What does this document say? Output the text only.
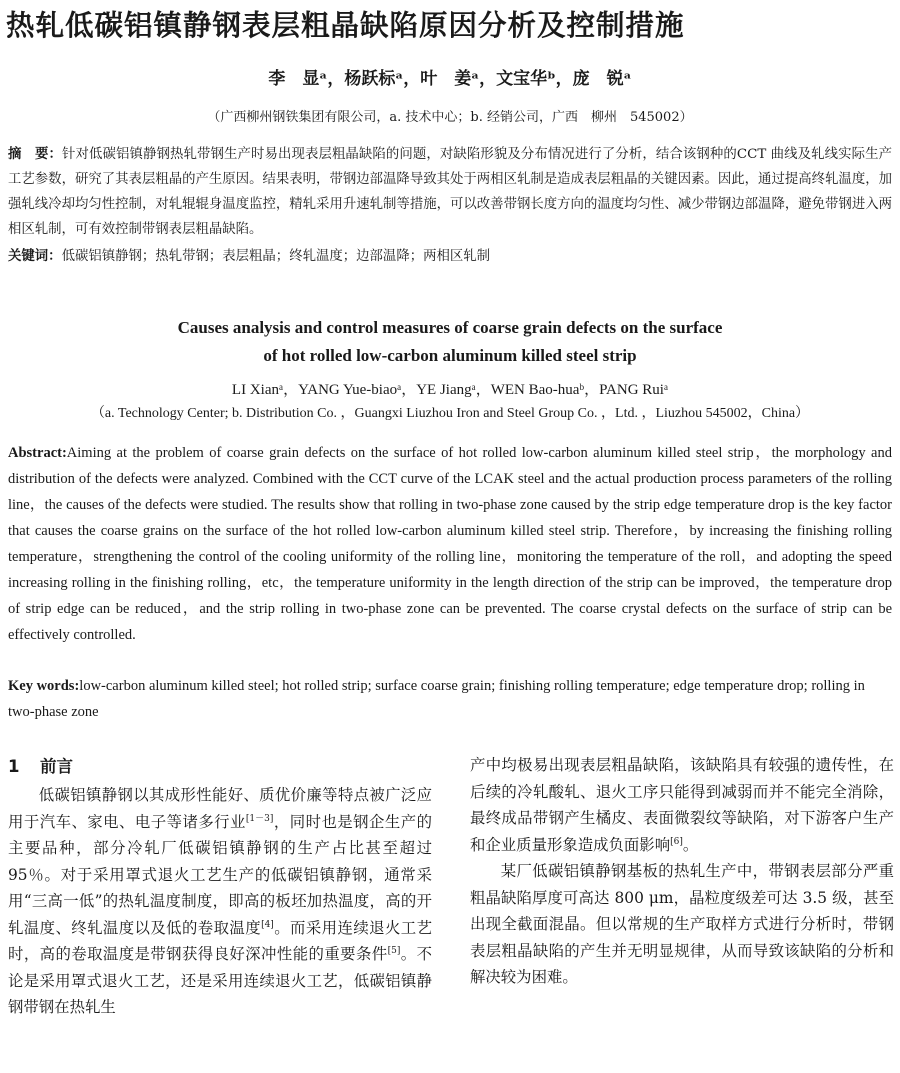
热轧低碳铝镇静钢表层粗晶缺陷原因分析及控制措施
李　显ᵃ，杨跃标ᵃ，叶　姜ᵃ，文宝华ᵇ，庞　锐ᵃ
（广西柳州钢铁集团有限公司，a. 技术中心；b. 经销公司，广西　柳州　545002）
摘　要：针对低碳铝镇静钢热轧带钢生产时易出现表层粗晶缺陷的问题，对缺陷形貌及分布情况进行了分析，结合该钢种的CCT 曲线及轧线实际生产工艺参数，研究了其表层粗晶的产生原因。结果表明，带钢边部温降导致其处于两相区轧制是造成表层粗晶的关键因素。因此，通过提高终轧温度，加强轧线冷却均匀性控制，对轧辊辊身温度监控，精轧采用升速轧制等措施，可以改善带钢长度方向的温度均匀性、减少带钢边部温降，避免带钢进入两相区轧制，可有效控制带钢表层粗晶缺陷。
关键词：低碳铝镇静钢；热轧带钢；表层粗晶；终轧温度；边部温降；两相区轧制
Causes analysis and control measures of coarse grain defects on the surface
of hot rolled low-carbon aluminum killed steel strip
LI Xianᵃ，YANG Yue-biaoᵃ，YE Jiangᵃ，WEN Bao-huaᵇ，PANG Ruiᵃ
（a. Technology Center; b. Distribution Co. ，Guangxi Liuzhou Iron and Steel Group Co. ，Ltd. ，Liuzhou 545002，China）
Abstract:Aiming at the problem of coarse grain defects on the surface of hot rolled low-carbon aluminum killed steel strip，the morphology and distribution of the defects were analyzed. Combined with the CCT curve of the LCAK steel and the actual production process parameters of the rolling line，the causes of the defects were studied. The results show that rolling in two-phase zone caused by the strip edge temperature drop is the key factor that causes the coarse grains on the surface of the hot rolled low-carbon aluminum killed steel strip. Therefore，by increasing the finishing rolling temperature，strengthening the control of the cooling uniformity of the rolling line，monitoring the temperature of the roll，and adopting the speed increasing rolling in the finishing rolling，etc，the temperature uniformity in the length direction of the strip can be improved，the temperature drop of strip edge can be reduced，and the strip rolling in two-phase zone can be prevented. The coarse crystal defects on the surface of strip can be effectively controlled.
Key words:low-carbon aluminum killed steel; hot rolled strip; surface coarse grain; finishing rolling temperature; edge temperature drop; rolling in two-phase zone
1 前言

低碳铝镇静钢以其成形性能好、质优价廉等特点被广泛应用于汽车、家电、电子等诸多行业[1－3]，同时也是钢企生产的主要品种，部分冷轧厂低碳铝镇静钢的生产占比甚至超过 95％。对于采用罩式退火工艺生产的低碳铝镇静钢，通常采用“三高一低”的热轧温度制度，即高的板坯加热温度，高的开轧温度、终轧温度以及低的卷取温度[4]。而采用连续退火工艺时，高的卷取温度是带钢获得良好深冲性能的重要条件[5]。不论是采用罩式退火工艺，还是采用连续退火工艺，低碳铝镇静钢带钢在热轧生

产中均极易出现表层粗晶缺陷，该缺陷具有较强的遗传性，在后续的冷轧酸轧、退火工序只能得到减弱而并不能完全消除，最终成品带钢产生橘皮、表面微裂纹等缺陷，对下游客户生产和企业质量形象造成负面影响[6]。

某厂低碳铝镇静钢基板的热轧生产中，带钢表层部分严重粗晶缺陷厚度可高达 800 μm，晶粒度级差可达 3.5 级，甚至出现全截面混晶。但以常规的生产取样方式进行分析时，带钢表层粗晶缺陷的产生并无明显规律，从而导致该缺陷的分析和解决较为困难。
